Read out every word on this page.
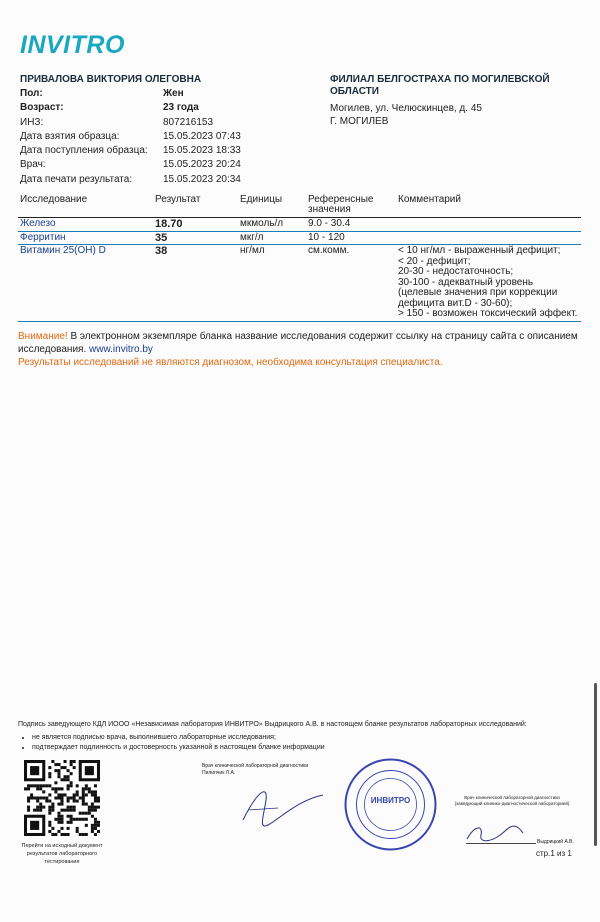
INVITRO
ПРИВАЛОВА ВИКТОРИЯ ОЛЕГОВНА
Пол:	Жен
Возраст:	23 года
ИНЗ:	807216153
Дата взятия образца:	15.05.2023 07:43
Дата поступления образца:	15.05.2023 18:33
Врач:	15.05.2023 20:24
Дата печати результата:	15.05.2023 20:34
ФИЛИАЛ БЕЛГОСТРАХА ПО МОГИЛЕВСКОЙ ОБЛАСТИ
Могилев, ул. Челюскинцев, д. 45
Г. МОГИЛЕВ
Исследование	Результат	Единицы	Референсные значения	Комментарий
Железо	18.70	мкмоль/л	9.0 - 30.4	
Ферритин	35	мкг/л	10 - 120	
Витамин 25(OH) D	38	нг/мл	см.комм.	< 10 нг/мл - выраженный дефицит;
< 20 - дефицит;
20-30 - недостаточность;
30-100 - адекватный уровень (целевые значения при коррекции дефицита вит.D - 30-60);
> 150 - возможен токсический эффект.
Внимание! В электронном экземпляре бланка название исследования содержит ссылку на страницу сайта с описанием исследования. www.invitro.by
Результаты исследований не являются диагнозом, необходима консультация специалиста.
Подпись заведующего КДЛ ИООО «Независимая лаборатория ИНВИТРО» Выдрицкого А.В. в настоящем бланке результатов лабораторных исследований:
• не является подписью врача, выполнившего лабораторные исследования;
• подтверждает подлинность и достоверность указанной в настоящем бланке информации
Перейти на исходный документ результатов лабораторного тестирования
Врач клинической лабораторной диагностики Пилипчик Л.А.
ИНВИТРО	Врач клинической лабораторной диагностики (заведующий клинико-диагностической лабораторией)
Выдрицкий А.В.
стр.1 из 1
